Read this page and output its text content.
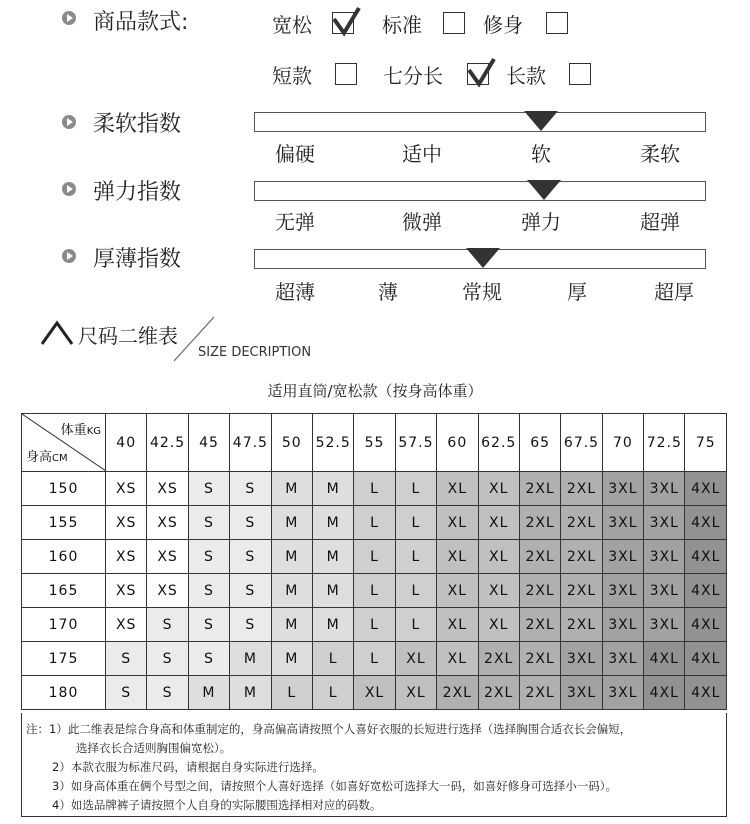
商品款式:	宽松	标准	修身
短款	七分长	长款
柔软指数
偏硬	适中	软	柔软
弹力指数
无弹	微弹	弹力	超弹
厚薄指数
超薄	薄	常规	厚	超厚
尺码二维表
SIZE DECRIPTION
适用直筒/宽松款（按身高体重）
体重KG
身高CM	40	42.5	45	47.5	50	52.5	55	57.5	60	62.5	65	67.5	70	72.5	75
150	XS	XS	S	S	M	M	L	L	XL	XL	2XL	2XL	3XL	3XL	4XL
155	XS	XS	S	S	M	M	L	L	XL	XL	2XL	2XL	3XL	3XL	4XL
160	XS	XS	S	S	M	M	L	L	XL	XL	2XL	2XL	3XL	3XL	4XL
165	XS	XS	S	S	M	M	L	L	XL	XL	2XL	2XL	3XL	3XL	4XL
170	XS	S	S	S	M	M	L	L	XL	XL	2XL	2XL	3XL	3XL	4XL
175	S	S	S	M	M	L	L	XL	XL	2XL	2XL	3XL	3XL	4XL	4XL
180	S	S	M	M	L	L	XL	XL	2XL	2XL	2XL	3XL	3XL	4XL	4XL
注：1）此二维表是综合身高和体重制定的，身高偏高请按照个人喜好衣服的长短进行选择（选择胸围合适衣长会偏短，
选择衣长合适则胸围偏宽松）。
2）本款衣服为标准尺码，请根据自身实际进行选择。
3）如身高体重在俩个号型之间，请按照个人喜好选择（如喜好宽松可选择大一码，如喜好修身可选择小一码）。
4）如选品牌裤子请按照个人自身的实际腰围选择相对应的码数。
